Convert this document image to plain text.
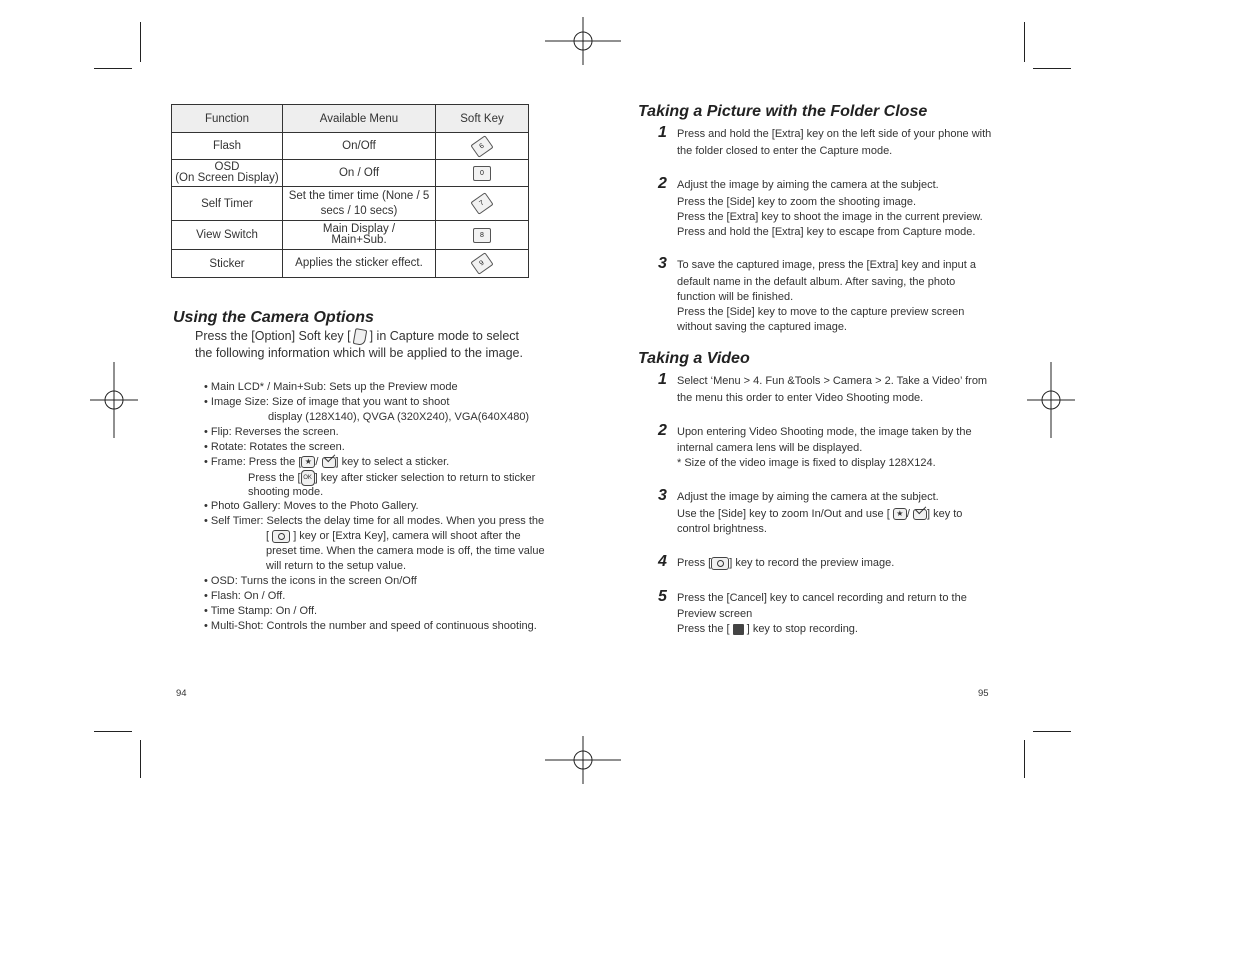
Function	Available Menu	Soft Key
Flash	On/Off	6
OSD
(On Screen Display)	On / Off	0
Self Timer	Set the timer time (None / 5 secs / 10 secs)	7
View Switch	Main Display / Main+Sub.	8
Sticker	Applies the sticker effect.	9
Using the Camera Options
Press the [Option] Soft key [ ] in Capture mode to select
the following information which will be applied to the image.
• Main LCD* / Main+Sub: Sets up the Preview mode
• Image Size: Size of image that you want to shoot
display (128X140), QVGA (320X240), VGA(640X480)
• Flip: Reverses the screen.
• Rotate: Rotates the screen.
• Frame: Press the [ ★ / ] key to select a sticker.
Press the [ OK ] key after sticker selection to return to sticker
shooting mode.
• Photo Gallery: Moves to the Photo Gallery.
• Self Timer: Selects the delay time for all modes. When you press the
[  ] key or [Extra Key], camera will shoot after the
preset time. When the camera mode is off, the time value
will return to the setup value.
• OSD: Turns the icons in the screen On/Off
• Flash: On / Off.
• Time Stamp: On / Off.
• Multi-Shot: Controls the number and speed of continuous shooting.
94
Taking a Picture with the Folder Close
1 Press and hold the [Extra] key on the left side of your phone with
the folder closed to enter the Capture mode.
2 Adjust the image by aiming the camera at the subject.
Press the [Side] key to zoom the shooting image.
Press the [Extra] key to shoot the image in the current preview.
Press and hold the [Extra] key to escape from Capture mode.
3 To save the captured image, press the [Extra] key and input a
default name in the default album. After saving, the photo
function will be finished.
Press the [Side] key to move to the capture preview screen
without saving the captured image.
Taking a Video
1 Select ‘Menu > 4. Fun &Tools > Camera > 2. Take a Video’ from
the menu this order to enter Video Shooting mode.
2 Upon entering Video Shooting mode, the image taken by the
internal camera lens will be displayed.
* Size of the video image is fixed to display 128X124.
3 Adjust the image by aiming the camera at the subject.
Use the [Side] key to zoom In/Out and use [ ★ / ] key to
control brightness.
4 Press [ ] key to record the preview image.
5 Press the [Cancel] key to cancel recording and return to the
Preview screen
Press the [ ] key to stop recording.
95
